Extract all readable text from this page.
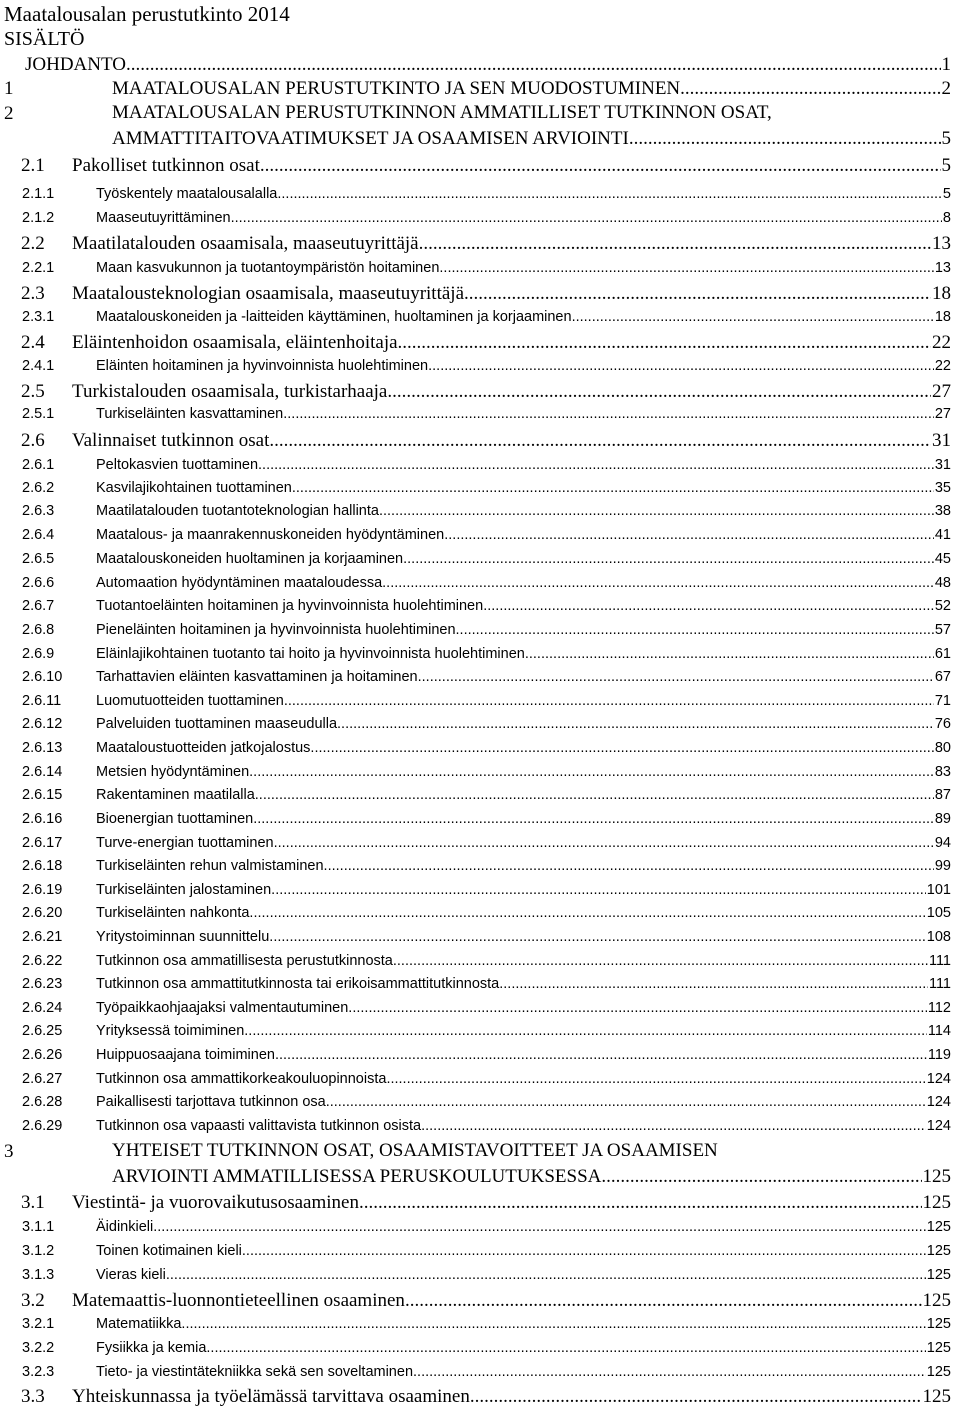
Maatalousalan perustutkinto 2014
SISÄLTÖ
JOHDANTO .....	1
1	MAATALOUSALAN PERUSTUTKINTO JA SEN MUODOSTUMINEN .....	2
2	MAATALOUSALAN PERUSTUTKINNON AMMATILLISET TUTKINNON OSAT,
AMMATTITAITOVAATIMUKSET JA OSAAMISEN ARVIOINTI .....	5
2.1 Pakolliset tutkinnon osat .....	5
2.1.1	Työskentely maatalousalalla .....	5
2.1.2	Maaseutuyrittäminen .....	8
2.2 Maatilatalouden osaamisala, maaseutuyrittäjä .....	13
2.2.1	Maan kasvukunnon ja tuotantoympäristön hoitaminen .....	13
2.3 Maatalousteknologian osaamisala, maaseutuyrittäjä .....	18
2.3.1	Maatalouskoneiden ja -laitteiden käyttäminen, huoltaminen ja korjaaminen .....	18
2.4 Eläintenhoidon osaamisala, eläintenhoitaja .....	22
2.4.1	Eläinten hoitaminen ja hyvinvoinnista huolehtiminen .....	22
2.5 Turkistalouden osaamisala, turkistarhaaja .....	27
2.5.1	Turkiseläinten kasvattaminen .....	27
2.6 Valinnaiset tutkinnon osat .....	31
2.6.1	Peltokasvien tuottaminen .....	31
2.6.2	Kasvilajikohtainen tuottaminen .....	35
2.6.3	Maatilatalouden tuotantoteknologian hallinta .....	38
2.6.4	Maatalous- ja maanrakennuskoneiden hyödyntäminen .....	41
2.6.5	Maatalouskoneiden huoltaminen ja korjaaminen .....	45
2.6.6	Automaation hyödyntäminen maataloudessa .....	48
2.6.7	Tuotantoeläinten hoitaminen ja hyvinvoinnista huolehtiminen .....	52
2.6.8	Pieneläinten hoitaminen ja hyvinvoinnista huolehtiminen .....	57
2.6.9	Eläinlajikohtainen tuotanto tai hoito ja hyvinvoinnista huolehtiminen .....	61
2.6.10 Tarhattavien eläinten kasvattaminen ja hoitaminen .....	67
2.6.11 Luomutuotteiden tuottaminen .....	71
2.6.12 Palveluiden tuottaminen maaseudulla .....	76
2.6.13 Maataloustuotteiden jatkojalostus .....	80
2.6.14 Metsien hyödyntäminen .....	83
2.6.15 Rakentaminen maatilalla .....	87
2.6.16 Bioenergian tuottaminen .....	89
2.6.17 Turve-energian tuottaminen .....	94
2.6.18 Turkiseläinten rehun valmistaminen .....	99
2.6.19 Turkiseläinten jalostaminen .....	101
2.6.20 Turkiseläinten nahkonta .....	105
2.6.21 Yritystoiminnan suunnittelu .....	108
2.6.22 Tutkinnon osa ammatillisesta perustutkinnosta .....	111
2.6.23 Tutkinnon osa ammattitutkinnosta tai erikoisammattitutkinnosta .....	111
2.6.24 Työpaikkaohjaajaksi valmentautuminen .....	112
2.6.25 Yrityksessä toimiminen .....	114
2.6.26 Huippuosaajana toimiminen .....	119
2.6.27 Tutkinnon osa ammattikorkeakouluopinnoista .....	124
2.6.28 Paikallisesti tarjottava tutkinnon osa .....	124
2.6.29 Tutkinnon osa vapaasti valittavista tutkinnon osista .....	124
3	YHTEISET TUTKINNON OSAT, OSAAMISTAVOITTEET JA OSAAMISEN
ARVIOINTI AMMATILLISESSA PERUSKOULUTUKSESSA .....	125
3.1 Viestintä- ja vuorovaikutusosaaminen .....	125
3.1.1	Äidinkieli .....	125
3.1.2	Toinen kotimainen kieli .....	125
3.1.3	Vieras kieli .....	125
3.2 Matemaattis-luonnontieteellinen osaaminen .....	125
3.2.1	Matematiikka .....	125
3.2.2	Fysiikka ja kemia .....	125
3.2.3	Tieto- ja viestintätekniikka sekä sen soveltaminen .....	125
3.3 Yhteiskunnassa ja työelämässä tarvittava osaaminen .....	125
